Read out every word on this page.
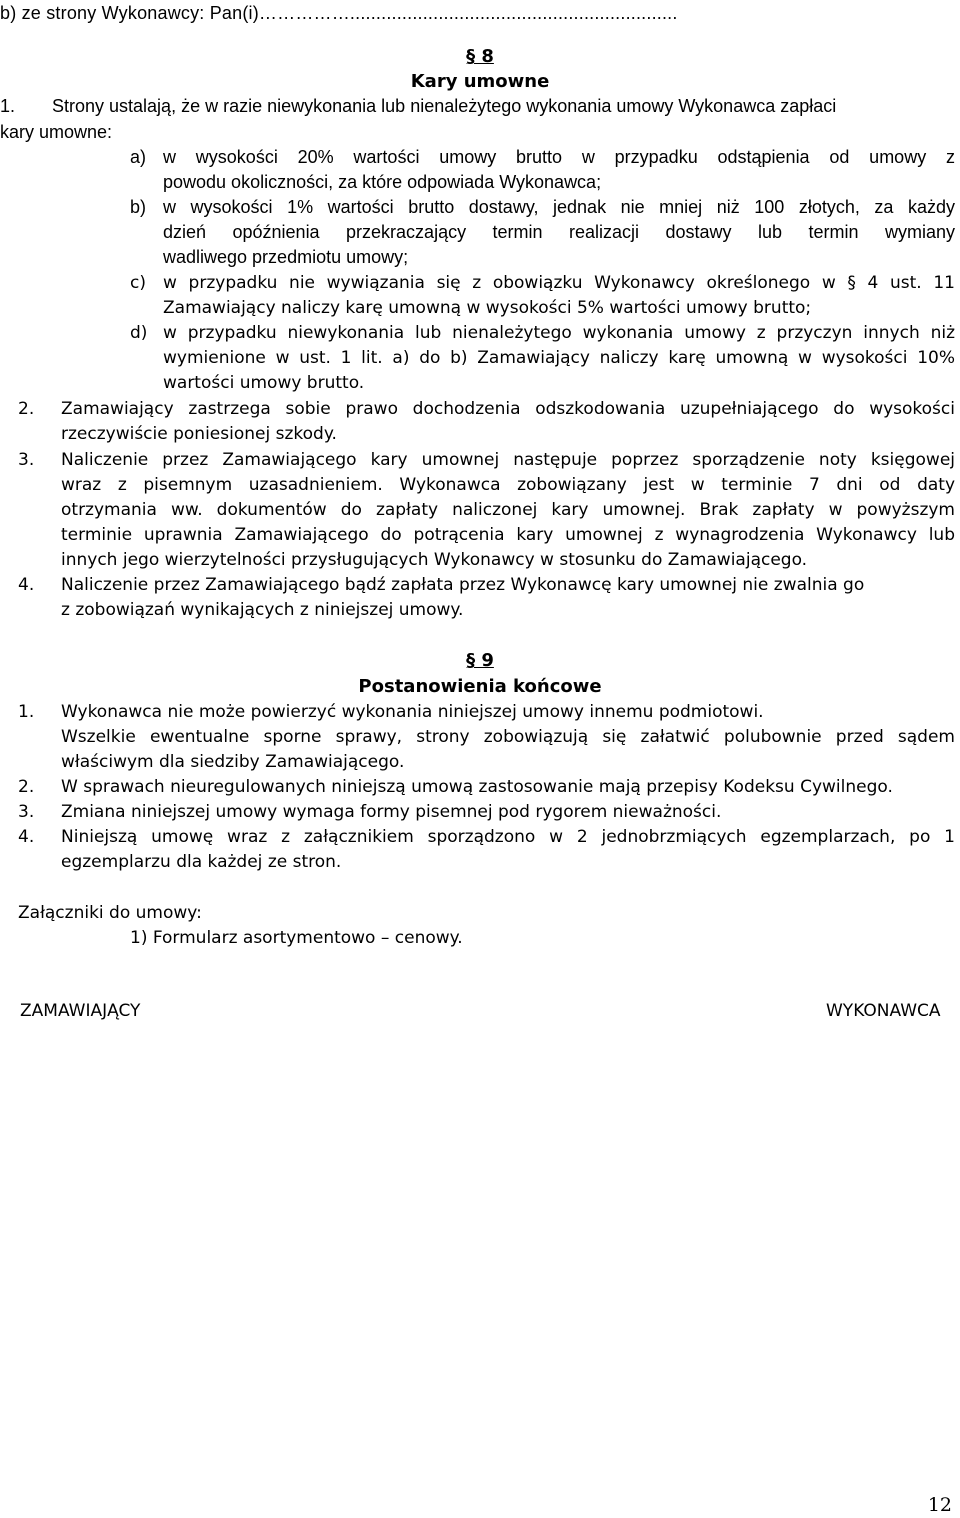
b) ze strony Wykonawcy: Pan(i)……………...............................................................
§ 8
Kary umowne
1. Strony ustalają, że w razie niewykonania lub nienależytego wykonania umowy Wykonawca zapłaci
kary umowne:
a) w wysokości 20% wartości umowy brutto w przypadku odstąpienia od umowy z
powodu okoliczności, za które odpowiada Wykonawca;
b) w wysokości 1% wartości brutto dostawy, jednak nie mniej niż 100 złotych, za każdy
dzień opóźnienia przekraczający termin realizacji dostawy lub termin wymiany
wadliwego przedmiotu umowy;
c) w przypadku nie wywiązania się z obowiązku Wykonawcy określonego w § 4 ust. 11
Zamawiający naliczy karę umowną w wysokości 5% wartości umowy brutto;
d) w przypadku niewykonania lub nienależytego wykonania umowy z przyczyn innych niż
wymienione w ust. 1 lit. a) do b) Zamawiający naliczy karę umowną w wysokości 10%
wartości umowy brutto.
2. Zamawiający zastrzega sobie prawo dochodzenia odszkodowania uzupełniającego do wysokości
rzeczywiście poniesionej szkody.
3. Naliczenie przez Zamawiającego kary umownej następuje poprzez sporządzenie noty księgowej
wraz z pisemnym uzasadnieniem. Wykonawca zobowiązany jest w terminie 7 dni od daty
otrzymania ww. dokumentów do zapłaty naliczonej kary umownej. Brak zapłaty w powyższym
terminie uprawnia Zamawiającego do potrącenia kary umownej z wynagrodzenia Wykonawcy lub
innych jego wierzytelności przysługujących Wykonawcy w stosunku do Zamawiającego.
4. Naliczenie przez Zamawiającego bądź zapłata przez Wykonawcę kary umownej nie zwalnia go
z zobowiązań wynikających z niniejszej umowy.
§ 9
Postanowienia końcowe
1. Wykonawca nie może powierzyć wykonania niniejszej umowy innemu podmiotowi.
Wszelkie ewentualne sporne sprawy, strony zobowiązują się załatwić polubownie przed sądem
właściwym dla siedziby Zamawiającego.
2. W sprawach nieuregulowanych niniejszą umową zastosowanie mają przepisy Kodeksu Cywilnego.
3. Zmiana niniejszej umowy wymaga formy pisemnej pod rygorem nieważności.
4. Niniejszą umowę wraz z załącznikiem sporządzono w 2 jednobrzmiących egzemplarzach, po 1
egzemplarzu dla każdej ze stron.
Załączniki do umowy:
1) Formularz asortymentowo – cenowy.
ZAMAWIAJĄCY	WYKONAWCA
12
